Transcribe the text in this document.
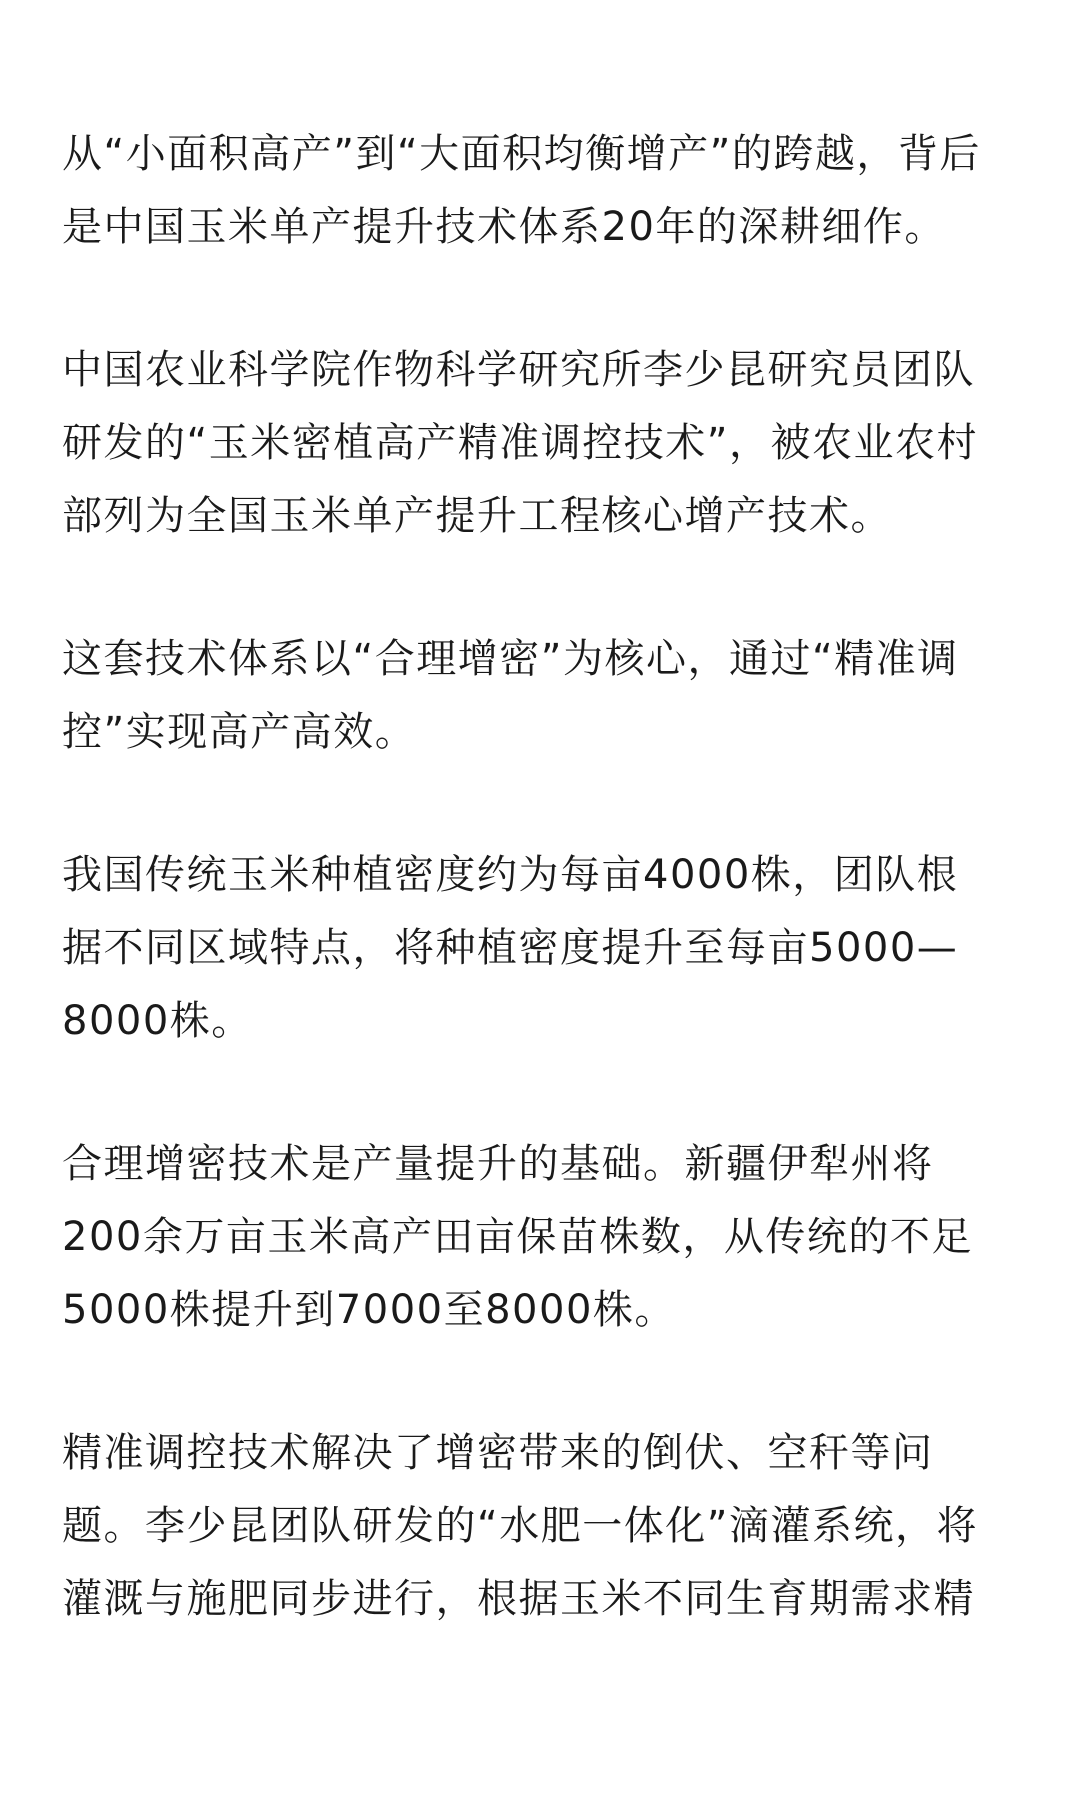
从“小面积高产”到“大面积均衡增产”的跨越，背后
是中国玉米单产提升技术体系20年的深耕细作。

中国农业科学院作物科学研究所李少昆研究员团队
研发的“玉米密植高产精准调控技术”，被农业农村
部列为全国玉米单产提升工程核心增产技术。

这套技术体系以“合理增密”为核心，通过“精准调
控”实现高产高效。

我国传统玉米种植密度约为每亩4000株，团队根
据不同区域特点，将种植密度提升至每亩5000—
8000株。

合理增密技术是产量提升的基础。新疆伊犁州将
200余万亩玉米高产田亩保苗株数，从传统的不足
5000株提升到7000至8000株。

精准调控技术解决了增密带来的倒伏、空秆等问
题。李少昆团队研发的“水肥一体化”滴灌系统，将
灌溉与施肥同步进行，根据玉米不同生育期需求精
